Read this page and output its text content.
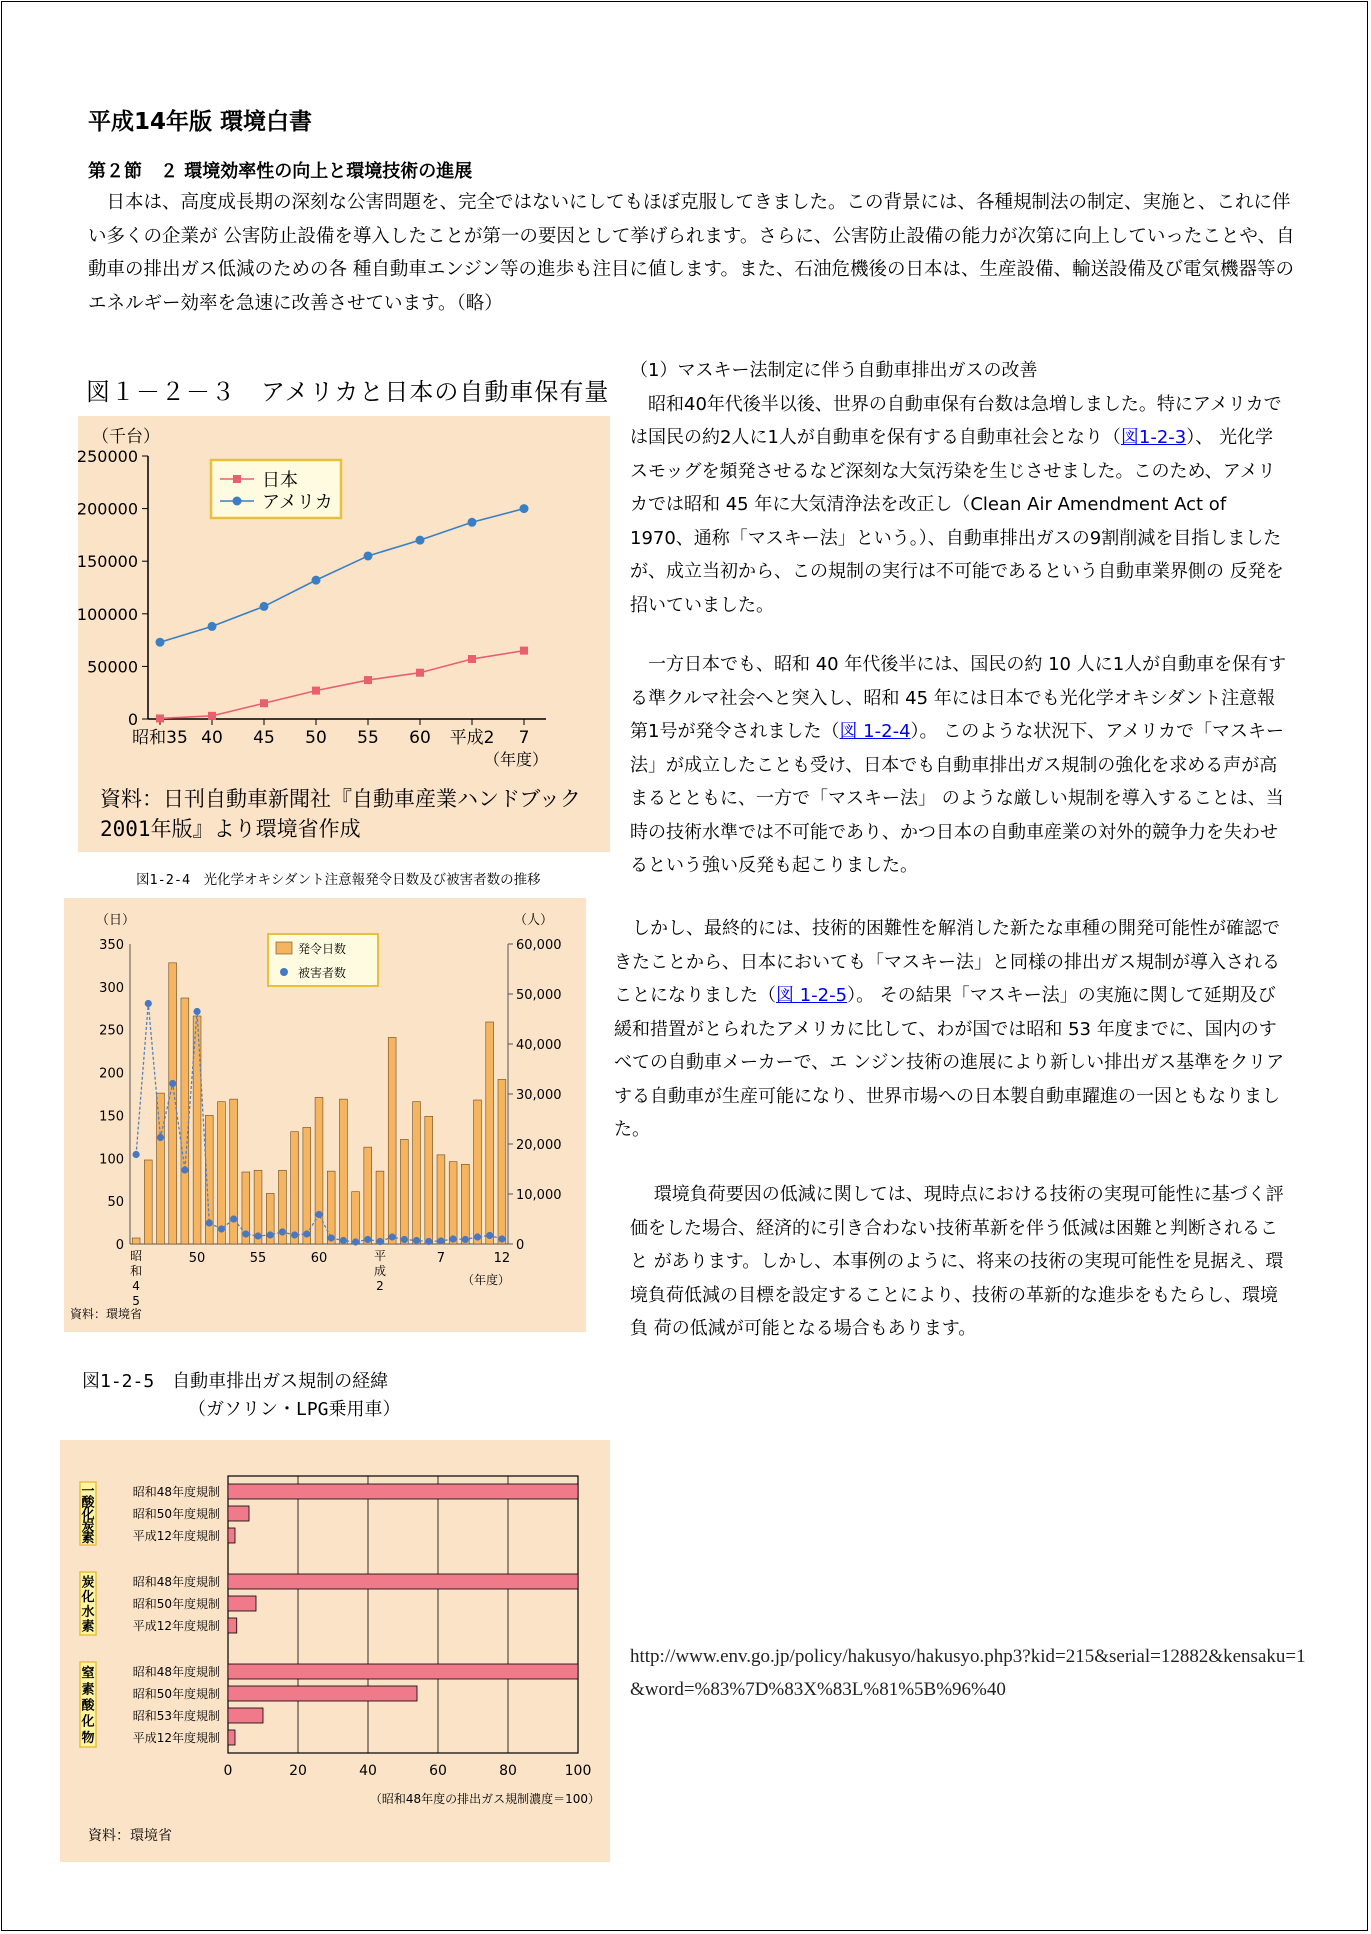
平成14年版 環境白書
第２節　２ 環境効率性の向上と環境技術の進展

　日本は、高度成長期の深刻な公害問題を、完全ではないにしてもほぼ克服してきました。この背景には、各種規制法の制定、実施と、これに伴い多くの企業が 公害防止設備を導入したことが第一の要因として挙げられます。さらに、公害防止設備の能力が次第に向上していったことや、自動車の排出ガス低減のための各 種自動車エンジン等の進歩も注目に値します。また、石油危機後の日本は、生産設備、輸送設備及び電気機器等のエネルギー効率を急速に改善させています。（略）

（1）マスキー法制定に伴う自動車排出ガスの改善

　昭和40年代後半以後、世界の自動車保有台数は急増しました。特にアメリカでは国民の約2人に1人が自動車を保有する自動車社会となり（図1-2-3）、 光化学スモッグを頻発させるなど深刻な大気汚染を生じさせました。このため、アメリカでは昭和 45 年に大気清浄法を改正し（Clean Air Amendment Act of 1970、通称「マスキー法」という。）、自動車排出ガスの9割削減を目指しましたが、成立当初から、この規制の実行は不可能であるという自動車業界側の 反発を招いていました。

　一方日本でも、昭和 40 年代後半には、国民の約 10 人に1人が自動車を保有する準クルマ社会へと突入し、昭和 45 年には日本でも光化学オキシダント注意報第1号が発令されました（図 1-2-4）。 このような状況下、アメリカで「マスキー法」が成立したことも受け、日本でも自動車排出ガス規制の強化を求める声が高まるとともに、一方で「マスキー法」 のような厳しい規制を導入することは、当時の技術水準では不可能であり、かつ日本の自動車産業の対外的競争力を失わせるという強い反発も起こりました。

　しかし、最終的には、技術的困難性を解消した新たな車種の開発可能性が確認できたことから、日本においても「マスキー法」と同様の排出ガス規制が導入されることになりました（図 1-2-5）。 その結果「マスキー法」の実施に関して延期及び緩和措置がとられたアメリカに比して、わが国では昭和 53 年度までに、国内のすべての自動車メーカーで、エ ンジン技術の進展により新しい排出ガス基準をクリアする自動車が生産可能になり、世界市場への日本製自動車躍進の一因ともなりました。

　 環境負荷要因の低減に関しては、現時点における技術の実現可能性に基づく評価をした場合、経済的に引き合わない技術革新を伴う低減は困難と判断されること があります。しかし、本事例のように、将来の技術の実現可能性を見据え、環境負荷低減の目標を設定することにより、技術の革新的な進歩をもたらし、環境負 荷の低減が可能となる場合もあります。

http://www.env.go.jp/policy/hakusyo/hakusyo.php3?kid=215&serial=12882&kensaku=1&word=%83%7D%83X%83L%81%5B%96%40
図１－２－３　アメリカと日本の自動車保有量
（千台）
250000
200000
150000
100000
50000
0
昭和35 40 45 50 55 60 平成2 7
（年度）
日本
アメリカ
資料：日刊自動車新聞社『自動車産業ハンドブック2001年版』より環境省作成
図1-2-4　光化学オキシダント注意報発令日数及び被害者数の推移
（日）	（人）
350
300
250
200
150
100
50
0
60,000
50,000
40,000
30,000
20,000
10,000
0
昭
和
4
5
50	55	60	平
成
2
7	12
（年度）
資料：環境省
発令日数
被害者数
図1-2-5　自動車排出ガス規制の経緯
（ガソリン・LPG乗用車）
0	20	40	60	80	100
（昭和48年度の排出ガス規制濃度＝100）
資料：環境省
昭和48年度規制
昭和50年度規制
平成12年度規制
一
酸
化
炭
素
昭和48年度規制
昭和50年度規制
平成12年度規制
炭
化
水
素
昭和48年度規制
昭和50年度規制
昭和53年度規制
平成12年度規制
窒
素
酸
化
物
